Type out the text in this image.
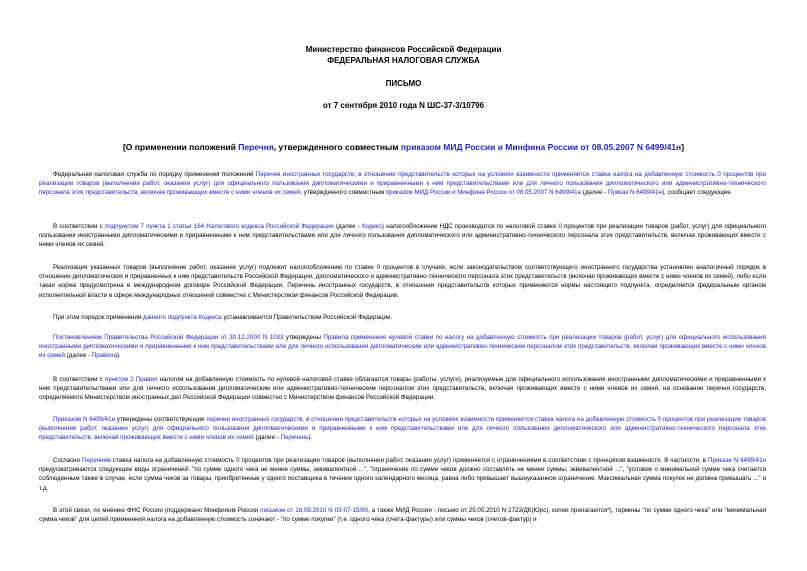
Министерство финансов Российской Федерации
ФЕДЕРАЛЬНАЯ НАЛОГОВАЯ СЛУЖБА
ПИСЬМО
от 7 сентября 2010 года N ШС-37-3/10796
[О применении положений Перечня, утвержденного совместным приказом МИД России и Минфина России от 08.05.2007 N 6499/41н]

Федеральная налоговая служба по порядку применения положений Перечня иностранных государств, в отношении представительств которых на условиях взаимности применяется ставка налога на добавленную стоимость 0 процентов при реализации товаров (выполнении работ, оказании услуг) для официального пользования дипломатическими и приравненными к ним представительствами или для личного пользования дипломатического или административно-технического персонала этих представительств, включая проживающих вместе с ними членов их семей, утвержденного совместным приказом МИД России и Минфина России от 08.05.2007 N 6499/41н (далее - Приказ N 6499/41н), сообщает следующее.

В соответствии с подпунктом 7 пункта 1 статьи 164 Налогового кодекса Российской Федерации (далее - Кодекс) налогообложение НДС производится по налоговой ставке 0 процентов при реализации товаров (работ, услуг) для официального пользования иностранными дипломатическими и приравненными к ним представительствами или для личного пользования дипломатического или административно-технического персонала этих представительств, включая проживающих вместе с ними членов их семей.

Реализация указанных товаров (выполнение работ, оказание услуг) подлежит налогообложению по ставке 0 процентов в случаях, если законодательством соответствующего иностранного государства установлен аналогичный порядок в отношении дипломатических и приравненных к ним представительств Российской Федерации, дипломатического и административно-технического персонала этих представительств (включая проживающих вместе с ними членов их семей), либо если такая норма предусмотрена в международном договоре Российской Федерации. Перечень иностранных государств, в отношении представительств которых применяются нормы настоящего подпункта, определяется федеральным органом исполнительной власти в сфере международных отношений совместно с Министерством финансов Российской Федерации.

При этом порядок применения данного подпункта Кодекса устанавливается Правительством Российской Федерации.

Постановлением Правительства Российской Федерации от 30.12.2000 N 1033 утверждены Правила применения нулевой ставки по налогу на добавленную стоимость при реализации товаров (работ, услуг) для официального использования иностранными дипломатическими и приравненными к ним представительствами или для личного использования дипломатическим или административно-техническим персоналом этих представительств, включая проживающих вместе с ними членов их семей (далее - Правила).

В соответствии с пунктом 2 Правил налогом на добавленную стоимость по нулевой налоговой ставке облагаются товары (работы, услуги), реализуемые для официального использования иностранными дипломатическими и приравненными к ним представительствами или для личного использования дипломатическим или административно-техническим персоналом этих представительств, включая проживающих вместе с ними членов их семей, на основании перечня государств, определяемого Министерством иностранных дел Российской Федерации совместно с Министерством финансов Российской Федерации.

Приказом N 6499/41н утверждены соответствующие перечни иностранных государств, в отношении представительств которых на условиях взаимности применяется ставка налога на добавленную стоимость 0 процентов при реализации товаров (выполнении работ, оказании услуг) для официального пользования дипломатическими и приравненными к ним представительствами или для личного пользования дипломатического или административно-технического персонала этих представительств, включая проживающих вместе с ними членов их семей (далее - Перечень).

Согласно Перечням ставка налога на добавленную стоимость 0 процентов при реализации товаров (выполнении работ, оказании услуг) применяется с ограничениями в соответствии с принципом взаимности. В частности, в Приказе N 6499/41н предусматриваются следующие виды ограничений: "по сумме одного чека не менее суммы, эквивалентной ...", "ограничение по сумме чеков должно составлять не менее суммы, эквивалентной ...", "условие о минимальной сумме чека считается соблюденным также в случае, если сумма чеков за товары, приобретенные у одного поставщика в течение одного календарного месяца, равна либо превышает вышеуказанное ограничение. Максимальная сумма покупок не должна превышать ..." и т.д.

В этой связи, по мнению ФНС России (поддержано Минфином России письмом от 18.08.2010 N 03-07-15/80, а также МИД России - письмо от 25.05.2010 N 2723/ДК(Юрс), копии прилагаются*), термины "по сумме одного чека" или "минимальная сумма чеков" для целей применения налога на добавленную стоимость означают - "по сумме покупки" (т.е. одного чека (счета-фактуры) или суммы чеков (счетов-фактур) и
